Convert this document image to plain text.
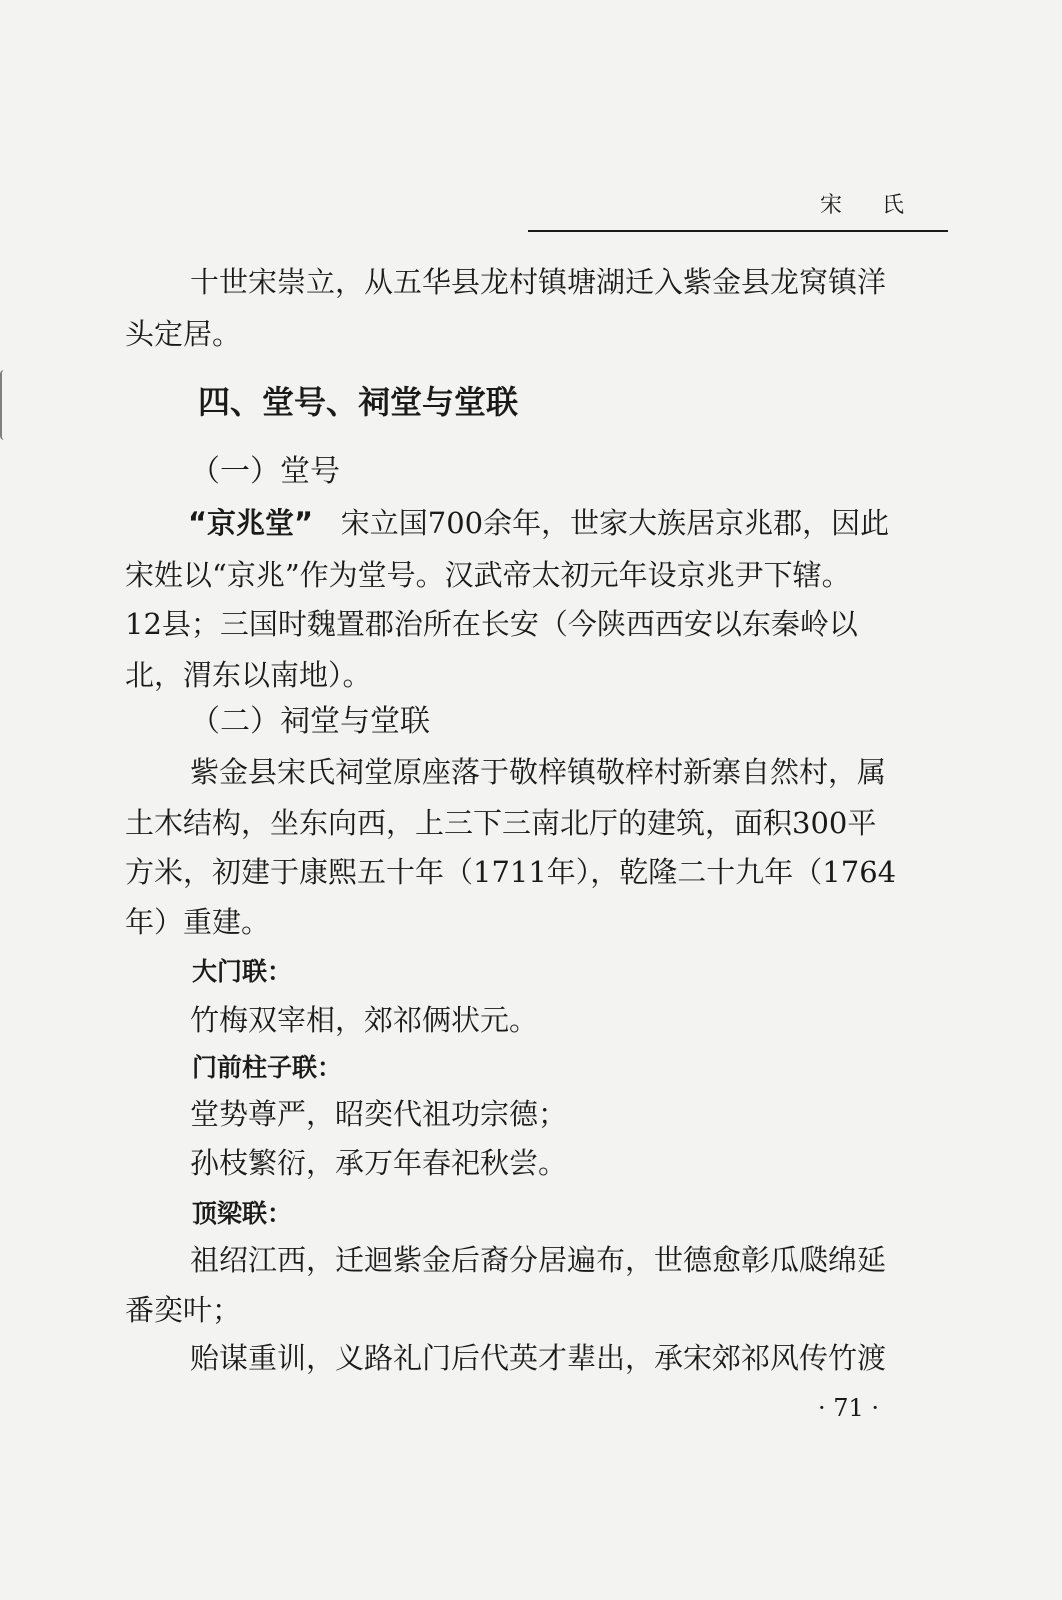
宋 氏
十世宋崇立，从五华县龙村镇塘湖迁入紫金县龙窝镇洋
头定居。
四、堂号、祠堂与堂联
（一）堂号
“京兆堂” 宋立国700余年，世家大族居京兆郡，因此
宋姓以“京兆”作为堂号。汉武帝太初元年设京兆尹下辖。
12县；三国时魏置郡治所在长安（今陕西西安以东秦岭以
北，渭东以南地）。
（二）祠堂与堂联
紫金县宋氏祠堂原座落于敬梓镇敬梓村新寨自然村，属
土木结构，坐东向西，上三下三南北厅的建筑，面积300平
方米，初建于康熙五十年（1711年），乾隆二十九年（1764
年）重建。
大门联：
竹梅双宰相，郊祁俩状元。
门前柱子联：
堂势尊严，昭奕代祖功宗德；
孙枝繁衍，承万年春祀秋尝。
顶梁联：
祖绍江西，迁迴紫金后裔分居遍布，世德愈彰瓜瓞绵延
番奕叶；
贻谋重训，义路礼门后代英才辈出，承宋郊祁风传竹渡
· 71 ·
